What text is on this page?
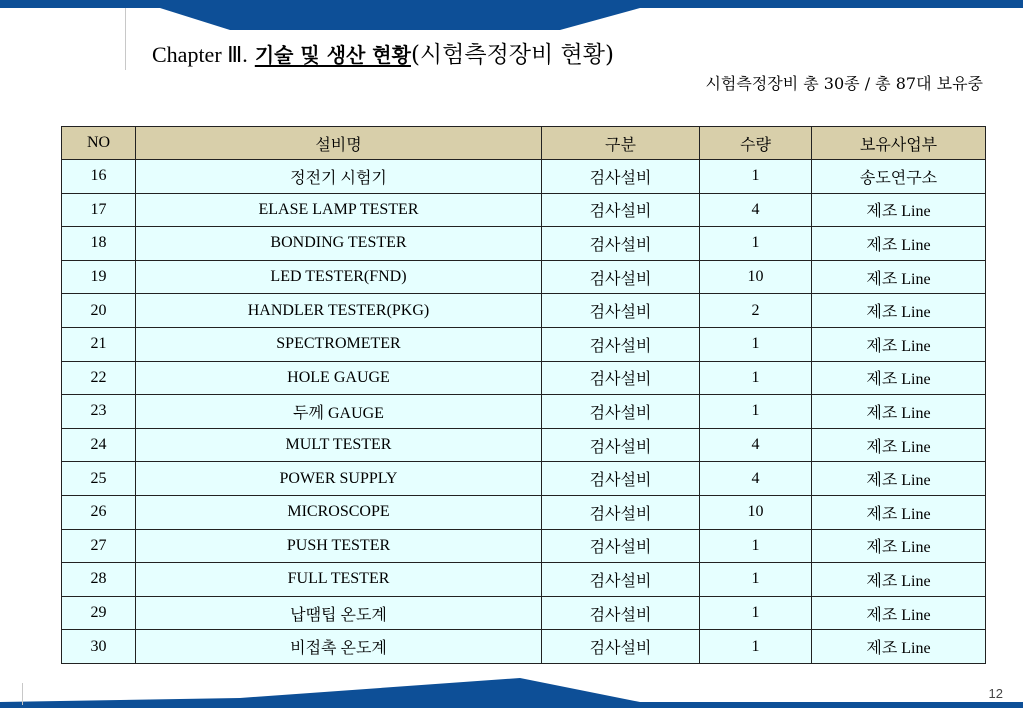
Chapter Ⅲ. 기술 및 생산 현황(시험측정장비 현황)
시험측정장비 총 30종 / 총 87대 보유중
NO	설비명	구분	수량	보유사업부
16	정전기 시험기	검사설비	1	송도연구소
17	ELASE LAMP TESTER	검사설비	4	제조 Line
18	BONDING TESTER	검사설비	1	제조 Line
19	LED TESTER(FND)	검사설비	10	제조 Line
20	HANDLER TESTER(PKG)	검사설비	2	제조 Line
21	SPECTROMETER	검사설비	1	제조 Line
22	HOLE GAUGE	검사설비	1	제조 Line
23	두께 GAUGE	검사설비	1	제조 Line
24	MULT TESTER	검사설비	4	제조 Line
25	POWER SUPPLY	검사설비	4	제조 Line
26	MICROSCOPE	검사설비	10	제조 Line
27	PUSH TESTER	검사설비	1	제조 Line
28	FULL TESTER	검사설비	1	제조 Line
29	납땜팁 온도계	검사설비	1	제조 Line
30	비접촉 온도계	검사설비	1	제조 Line
12
